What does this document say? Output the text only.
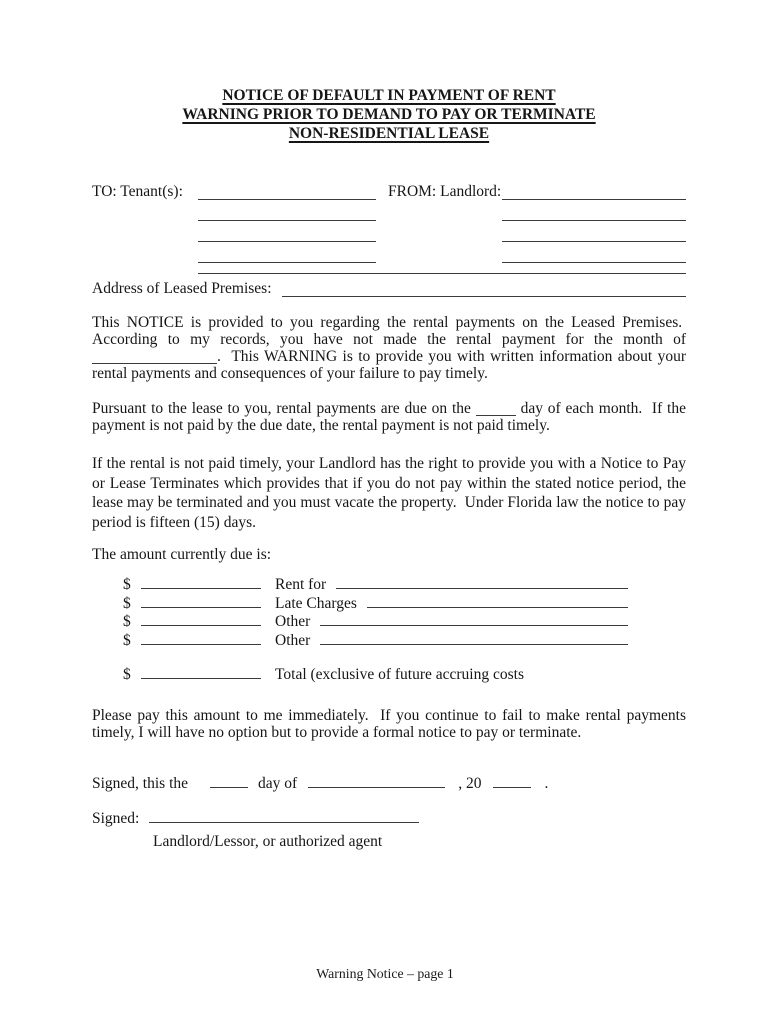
NOTICE OF DEFAULT IN PAYMENT OF RENT
WARNING PRIOR TO DEMAND TO PAY OR TERMINATE
NON-RESIDENTIAL LEASE
TO: Tenant(s):	FROM: Landlord:
Address of Leased Premises:

This NOTICE is provided to you regarding the rental payments on the Leased Premises.  According to my records, you have not made the rental payment for the month of .  This WARNING is to provide you with written information about your rental payments and consequences of your failure to pay timely.

Pursuant to the lease to you, rental payments are due on the	day of each month.  If the payment is not paid by the due date, the rental payment is not paid timely.

If the rental is not paid timely, your Landlord has the right to provide you with a Notice to Pay or Lease Terminates which provides that if you do not pay within the stated notice period, the lease may be terminated and you must vacate the property.  Under Florida law the notice to pay period is fifteen (15) days.

The amount currently due is:

$	Rent for
$	Late Charges
$	Other
$	Other
$	Total (exclusive of future accruing costs

Please pay this amount to me immediately.  If you continue to fail to make rental payments timely, I will have no option but to provide a formal notice to pay or terminate.

Signed, this the	day of	, 20	.
Signed:
Landlord/Lessor, or authorized agent
Warning Notice – page 1
